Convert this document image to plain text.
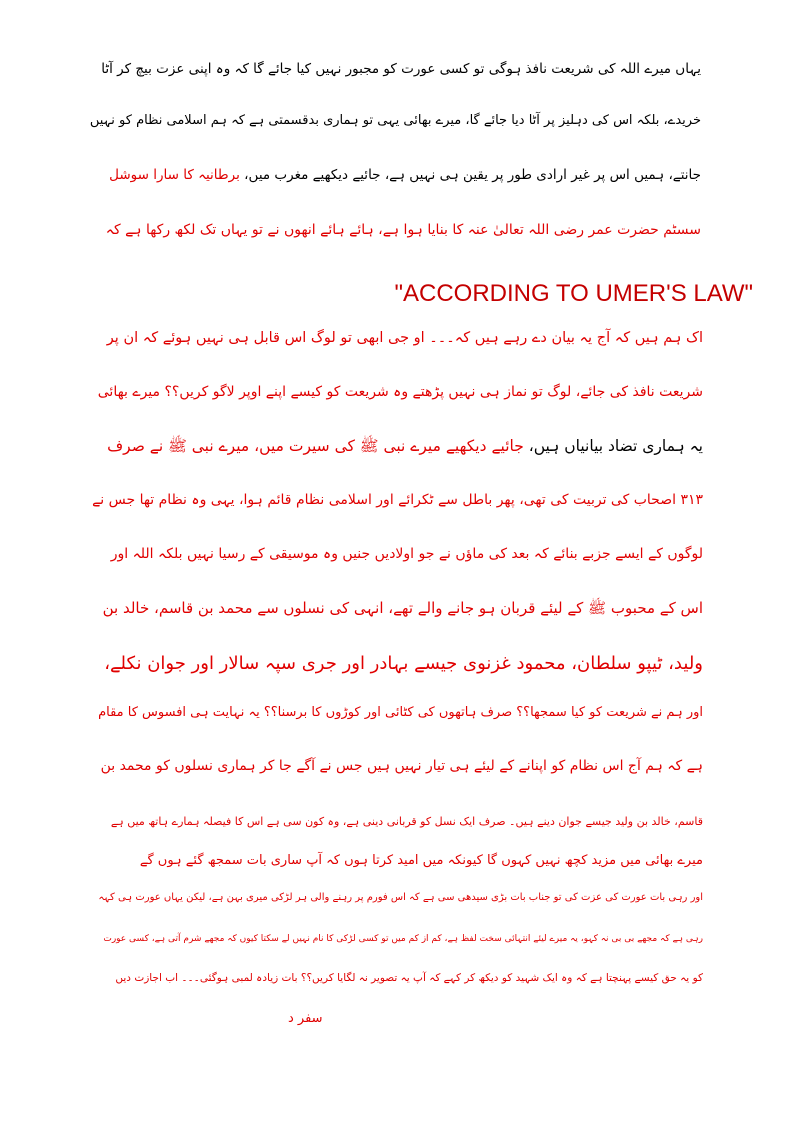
یہاں میرے اللہ کی شریعت نافذ ہوگی تو کسی عورت کو مجبور نہیں کیا جائے گا کہ وہ اپنی عزت بیچ کر آٹا
خریدے، بلکہ اس کی دہلیز پر آٹا دیا جائے گا، میرے بھائی یہی تو ہماری بدقسمتی ہے کہ ہم اسلامی نظام کو نہیں
جانتے، ہمیں اس پر غیر ارادی طور پر یقین ہی نہیں ہے، جائیے دیکھیے مغرب میں، برطانیہ کا سارا سوشل
سسٹم حضرت عمر رضی اللہ تعالیٰ عنہ کا بنایا ہوا ہے، ہائے ہائے انھوں نے تو یہاں تک لکھ رکھا ہے کہ
"ACCORDING TO UMER'S LAW"
اک ہم ہیں کہ آج یہ بیان دے رہے ہیں کہ۔۔۔ او جی ابھی تو لوگ اس قابل ہی نہیں ہوئے کہ ان پر
شریعت نافذ کی جائے، لوگ تو نماز ہی نہیں پڑھتے وہ شریعت کو کیسے اپنے اوپر لاگو کریں؟؟ میرے بھائی
یہ ہماری تضاد بیانیاں ہیں، جائیے دیکھیے میرے نبی ﷺ کی سیرت میں، میرے نبی ﷺ نے صرف
۳۱۳ اصحاب کی تربیت کی تھی، پھر باطل سے ٹکرائے اور اسلامی نظام قائم ہوا، یہی وہ نظام تھا جس نے
لوگوں کے ایسے جزبے بنائے کہ بعد کی ماؤں نے جو اولادیں جنیں وہ موسیقی کے رسیا نہیں بلکہ اللہ اور
اس کے محبوب ﷺ کے لیئے قربان ہو جانے والے تھے، انہی کی نسلوں سے محمد بن قاسم، خالد بن
ولید، ٹیپو سلطان، محمود غزنوی جیسے بہادر اور جری سپہ سالار اور جوان نکلے،
اور ہم نے شریعت کو کیا سمجھا؟؟ صرف ہاتھوں کی کٹائی اور کوڑوں کا برسنا؟؟ یہ نہایت ہی افسوس کا مقام
ہے کہ ہم آج اس نظام کو اپنانے کے لیئے ہی تیار نہیں ہیں جس نے آگے جا کر ہماری نسلوں کو محمد بن
قاسم، خالد بن ولید جیسے جوان دینے ہیں۔ صرف ایک نسل کو قربانی دینی ہے، وہ کون سی ہے اس کا فیصلہ ہمارے ہاتھ میں ہے
میرے بھائی میں مزید کچھ نہیں کہوں گا کیونکہ میں امید کرتا ہوں کہ آپ ساری بات سمجھ گئے ہوں گے
اور رہی بات عورت کی عزت کی تو جناب بات بڑی سیدھی سی ہے کہ اس فورم پر رہنے والی ہر لڑکی میری بہن ہے، لیکن یہاں عورت ہی کہہ
رہی ہے کہ مجھے بی بی نہ کہو، یہ میرے لیئے انتہائی سخت لفظ ہے، کم از کم میں تو کسی لڑکی کا نام نہیں لے سکتا کیوں کہ مجھے شرم آتی ہے، کسی عورت
کو یہ حق کیسے پہنچتا ہے کہ وہ ایک شہید کو دیکھ کر کہے کہ آپ یہ تصویر نہ لگایا کریں؟؟ بات زیادہ لمبی ہوگئی۔۔۔ اب اجازت دیں
سفر د
